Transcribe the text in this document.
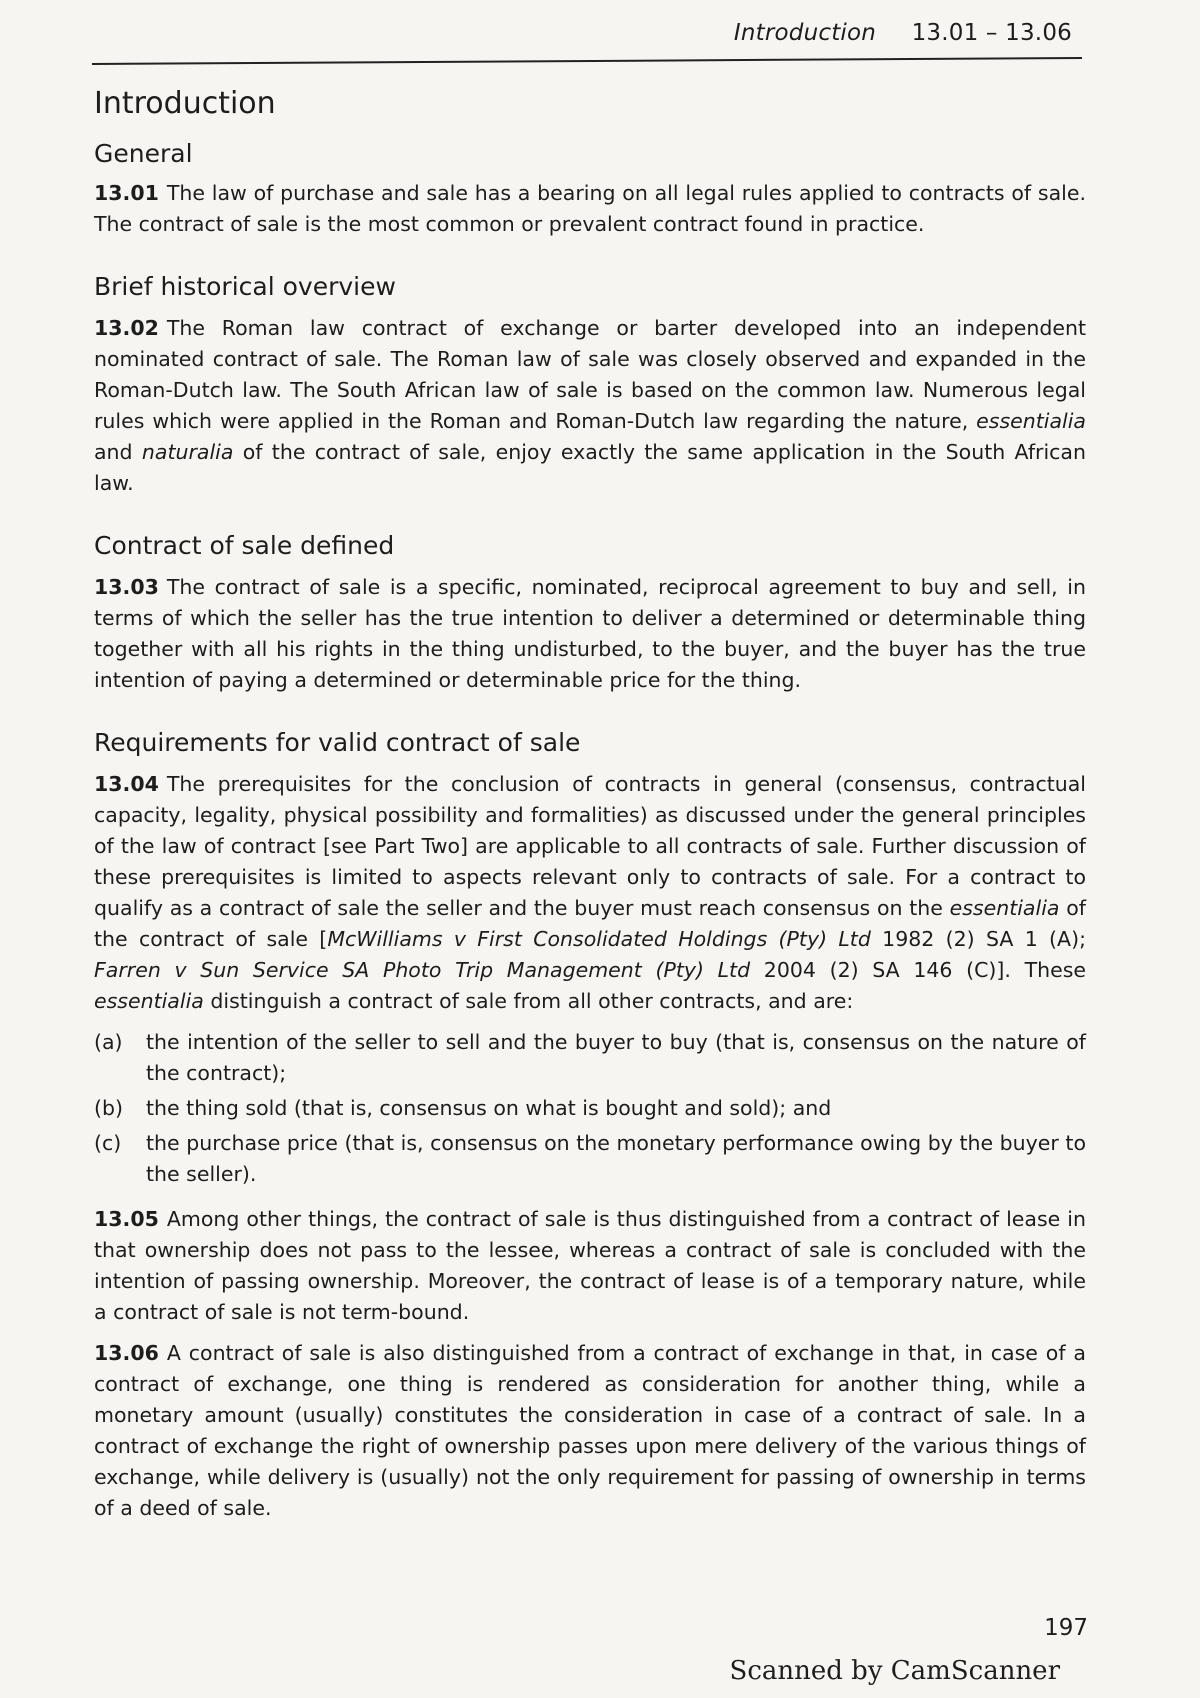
Introduction 13.01 – 13.06
Introduction
General

13.01 The law of purchase and sale has a bearing on all legal rules applied to contracts of sale. The contract of sale is the most common or prevalent contract found in practice.

Brief historical overview

13.02 The Roman law contract of exchange or barter developed into an independent nominated contract of sale. The Roman law of sale was closely observed and expanded in the Roman-Dutch law. The South African law of sale is based on the common law. Numerous legal rules which were applied in the Roman and Roman-Dutch law regarding the nature, essentialia and naturalia of the contract of sale, enjoy exactly the same application in the South African law.

Contract of sale defined

13.03 The contract of sale is a specific, nominated, reciprocal agreement to buy and sell, in terms of which the seller has the true intention to deliver a determined or determinable thing together with all his rights in the thing undisturbed, to the buyer, and the buyer has the true intention of paying a determined or determinable price for the thing.

Requirements for valid contract of sale

13.04 The prerequisites for the conclusion of contracts in general (consensus, contractual capacity, legality, physical possibility and formalities) as discussed under the general principles of the law of contract [see Part Two] are applicable to all contracts of sale. Further discussion of these prerequisites is limited to aspects relevant only to contracts of sale. For a contract to qualify as a contract of sale the seller and the buyer must reach consensus on the essentialia of the contract of sale [McWilliams v First Consolidated Holdings (Pty) Ltd 1982 (2) SA 1 (A); Farren v Sun Service SA Photo Trip Management (Pty) Ltd 2004 (2) SA 146 (C)]. These essentialia distinguish a contract of sale from all other contracts, and are:

(a)	the intention of the seller to sell and the buyer to buy (that is, consensus on the nature of the contract);
(b)	the thing sold (that is, consensus on what is bought and sold); and
(c)	the purchase price (that is, consensus on the monetary performance owing by the buyer to the seller).

13.05 Among other things, the contract of sale is thus distinguished from a contract of lease in that ownership does not pass to the lessee, whereas a contract of sale is concluded with the intention of passing ownership. Moreover, the contract of lease is of a temporary nature, while a contract of sale is not term-bound.

13.06 A contract of sale is also distinguished from a contract of exchange in that, in case of a contract of exchange, one thing is rendered as consideration for another thing, while a monetary amount (usually) constitutes the consideration in case of a contract of sale. In a contract of exchange the right of ownership passes upon mere delivery of the various things of exchange, while delivery is (usually) not the only requirement for passing of ownership in terms of a deed of sale.

197
Scanned by CamScanner
